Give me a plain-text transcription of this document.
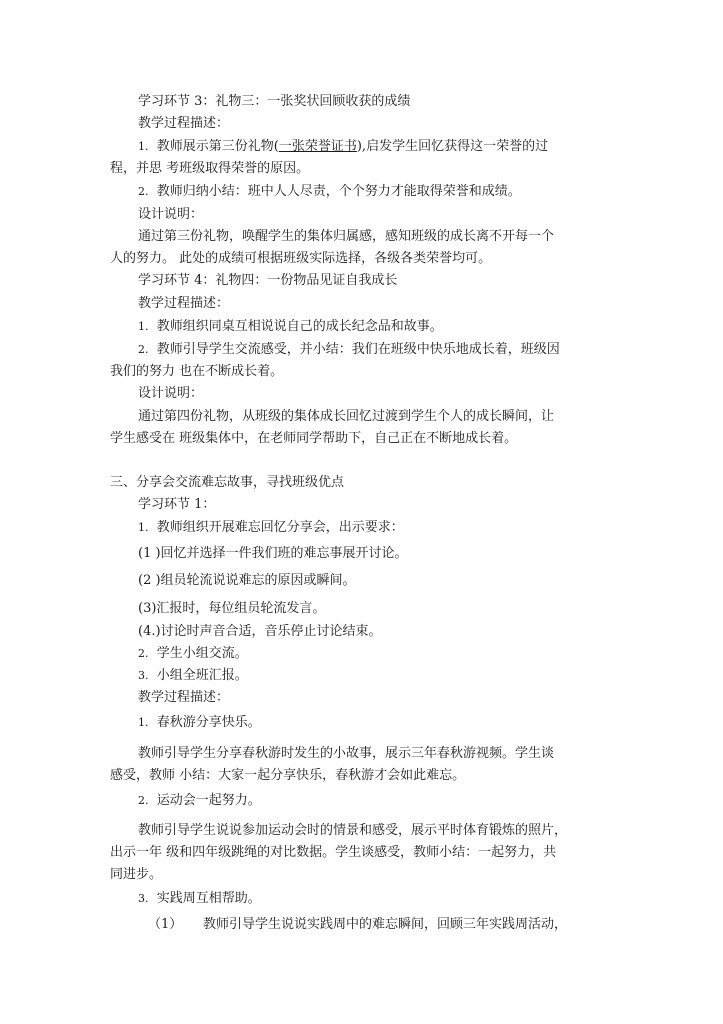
学习环节 3：礼物三：一张奖状回顾收获的成绩
教学过程描述：
1. 教师展示第三份礼物(一张荣誉证书),启发学生回忆获得这一荣誉的过
程，并思 考班级取得荣誉的原因。
2. 教师归纳小结：班中人人尽责，个个努力才能取得荣誉和成绩。
设计说明：
通过第三份礼物，唤醒学生的集体归属感，感知班级的成长离不开每一个
人的努力。 此处的成绩可根据班级实际选择，各级各类荣誉均可。
学习环节 4：礼物四：一份物品见证自我成长
教学过程描述：
1. 教师组织同桌互相说说自己的成长纪念品和故事。
2. 教师引导学生交流感受，并小结：我们在班级中快乐地成长着，班级因
我们的努力 也在不断成长着。
设计说明：
通过第四份礼物，从班级的集体成长回忆过渡到学生个人的成长瞬间，让
学生感受在 班级集体中，在老师同学帮助下，自己正在不断地成长着。
三、分享会交流难忘故事，寻找班级优点
学习环节 1：
1. 教师组织开展难忘回忆分享会，出示要求：
(1 )回忆并选择一件我们班的难忘事展开讨论。
(2 )组员轮流说说难忘的原因或瞬间。
(3)汇报时，每位组员轮流发言。
(4.)讨论时声音合适，音乐停止讨论结束。
2. 学生小组交流。
3. 小组全班汇报。
教学过程描述：
1. 春秋游分享快乐。
教师引导学生分享春秋游时发生的小故事，展示三年春秋游视频。学生谈
感受，教师 小结：大家一起分享快乐，春秋游才会如此难忘。
2. 运动会一起努力。
教师引导学生说说参加运动会时的情景和感受，展示平时体育锻炼的照片，
出示一年 级和四年级跳绳的对比数据。学生谈感受，教师小结：一起努力，共
同进步。
3. 实践周互相帮助。
（1） 教师引导学生说说实践周中的难忘瞬间，回顾三年实践周活动，
